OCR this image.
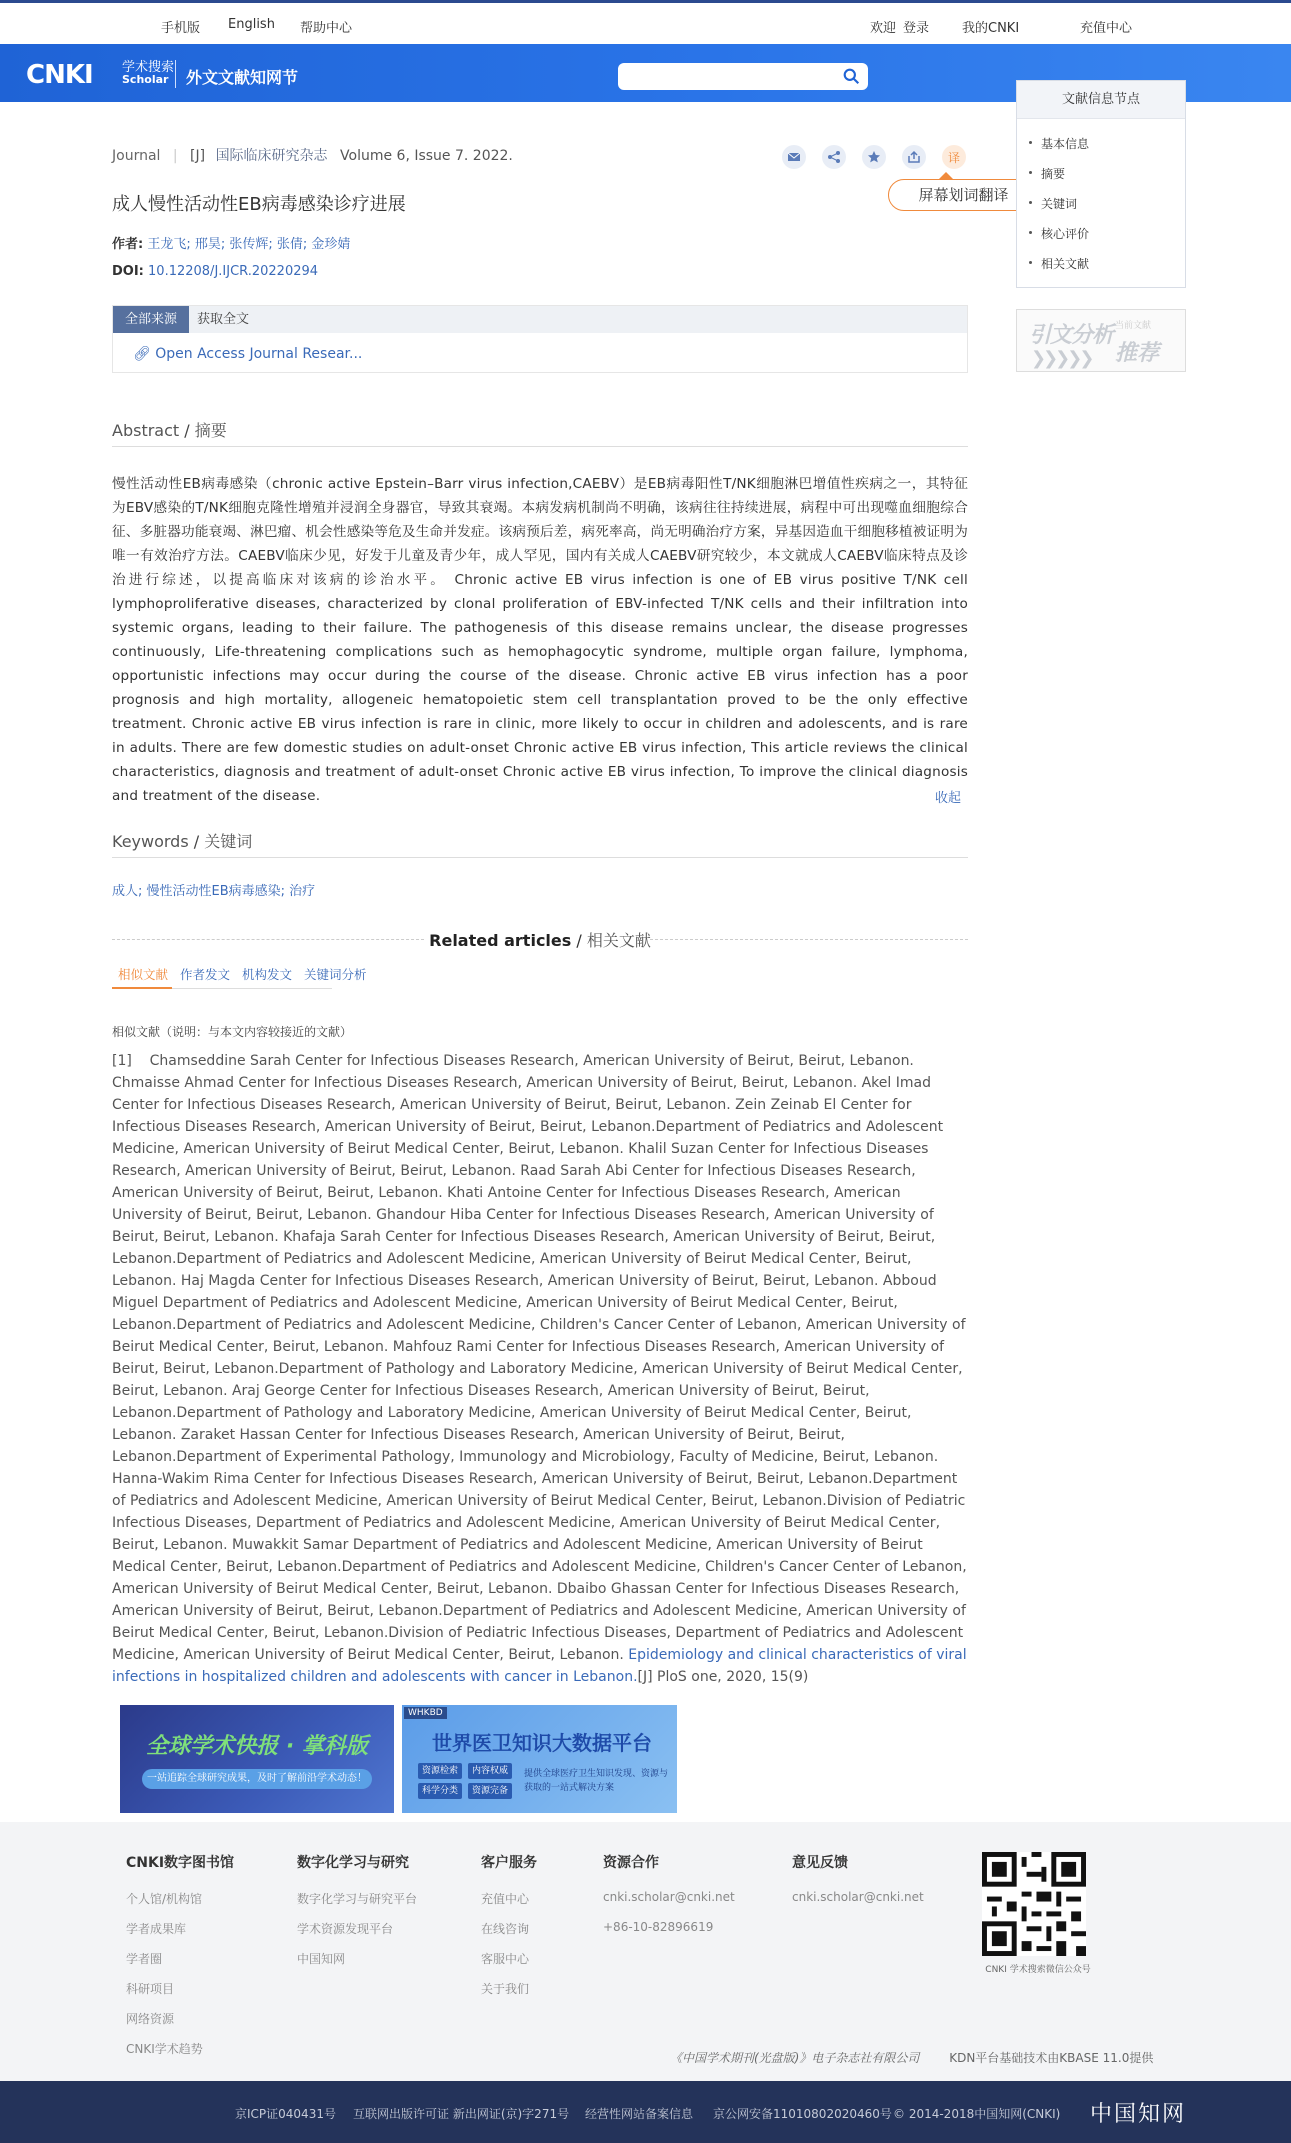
手机版 English 帮助中心	欢迎 登录	我的CNKI	充值中心
CNKI 学术搜索
Scholar	外文文献知网节
Journal | [J] 国际临床研究杂志 Volume 6, Issue 7. 2022.	译
屏幕划词翻译
成人慢性活动性EB病毒感染诊疗进展
作者: 王龙飞; 邢昊; 张传辉; 张倩; 金珍婧
DOI: 10.12208/J.IJCR.20220294
全部来源	获取全文
🔗︎ Open Access Journal Resear...
Abstract / 摘要
慢性活动性EB病毒感染（chronic active Epstein–Barr virus infection,CAEBV）是EB病毒阳性T/NK细胞淋巴增值性疾病之一，其特征为EBV感染的T/NK细胞克隆性增殖并浸润全身器官，导致其衰竭。本病发病机制尚不明确，该病往往持续进展，病程中可出现噬血细胞综合征、多脏器功能衰竭、淋巴瘤、机会性感染等危及生命并发症。该病预后差，病死率高，尚无明确治疗方案，异基因造血干细胞移植被证明为唯一有效治疗方法。CAEBV临床少见，好发于儿童及青少年，成人罕见，国内有关成人CAEBV研究较少，本文就成人CAEBV临床特点及诊治进行综述，以提高临床对该病的诊治水平。 Chronic active EB virus infection is one of EB virus positive T/NK cell lymphoproliferative diseases, characterized by clonal proliferation of EBV-infected T/NK cells and their infiltration into systemic organs, leading to their failure. The pathogenesis of this disease remains unclear, the disease progresses continuously, Life-threatening complications such as hemophagocytic syndrome, multiple organ failure, lymphoma, opportunistic infections may occur during the course of the disease. Chronic active EB virus infection has a poor prognosis and high mortality, allogeneic hematopoietic stem cell transplantation proved to be the only effective treatment. Chronic active EB virus infection is rare in clinic, more likely to occur in children and adolescents, and is rare in adults. There are few domestic studies on adult-onset Chronic active EB virus infection, This article reviews the clinical characteristics, diagnosis and treatment of adult-onset Chronic active EB virus infection, To improve the clinical diagnosis and treatment of the disease.	收起
Keywords / 关键词
成人; 慢性活动性EB病毒感染; 治疗
Related articles / 相关文献
相似文献 作者发文 机构发文 关键词分析
相似文献（说明：与本文内容较接近的文献）
[1] Chamseddine Sarah Center for Infectious Diseases Research, American University of Beirut, Beirut, Lebanon. Chmaisse Ahmad Center for Infectious Diseases Research, American University of Beirut, Beirut, Lebanon. Akel Imad Center for Infectious Diseases Research, American University of Beirut, Beirut, Lebanon. Zein Zeinab El Center for Infectious Diseases Research, American University of Beirut, Beirut, Lebanon.Department of Pediatrics and Adolescent Medicine, American University of Beirut Medical Center, Beirut, Lebanon. Khalil Suzan Center for Infectious Diseases Research, American University of Beirut, Beirut, Lebanon. Raad Sarah Abi Center for Infectious Diseases Research, American University of Beirut, Beirut, Lebanon. Khati Antoine Center for Infectious Diseases Research, American University of Beirut, Beirut, Lebanon. Ghandour Hiba Center for Infectious Diseases Research, American University of Beirut, Beirut, Lebanon. Khafaja Sarah Center for Infectious Diseases Research, American University of Beirut, Beirut, Lebanon.Department of Pediatrics and Adolescent Medicine, American University of Beirut Medical Center, Beirut, Lebanon. Haj Magda Center for Infectious Diseases Research, American University of Beirut, Beirut, Lebanon. Abboud Miguel Department of Pediatrics and Adolescent Medicine, American University of Beirut Medical Center, Beirut, Lebanon.Department of Pediatrics and Adolescent Medicine, Children's Cancer Center of Lebanon, American University of Beirut Medical Center, Beirut, Lebanon. Mahfouz Rami Center for Infectious Diseases Research, American University of Beirut, Beirut, Lebanon.Department of Pathology and Laboratory Medicine, American University of Beirut Medical Center, Beirut, Lebanon. Araj George Center for Infectious Diseases Research, American University of Beirut, Beirut, Lebanon.Department of Pathology and Laboratory Medicine, American University of Beirut Medical Center, Beirut, Lebanon. Zaraket Hassan Center for Infectious Diseases Research, American University of Beirut, Beirut, Lebanon.Department of Experimental Pathology, Immunology and Microbiology, Faculty of Medicine, Beirut, Lebanon. Hanna-Wakim Rima Center for Infectious Diseases Research, American University of Beirut, Beirut, Lebanon.Department of Pediatrics and Adolescent Medicine, American University of Beirut Medical Center, Beirut, Lebanon.Division of Pediatric Infectious Diseases, Department of Pediatrics and Adolescent Medicine, American University of Beirut Medical Center, Beirut, Lebanon. Muwakkit Samar Department of Pediatrics and Adolescent Medicine, American University of Beirut Medical Center, Beirut, Lebanon.Department of Pediatrics and Adolescent Medicine, Children's Cancer Center of Lebanon, American University of Beirut Medical Center, Beirut, Lebanon. Dbaibo Ghassan Center for Infectious Diseases Research, American University of Beirut, Beirut, Lebanon.Department of Pediatrics and Adolescent Medicine, American University of Beirut Medical Center, Beirut, Lebanon.Division of Pediatric Infectious Diseases, Department of Pediatrics and Adolescent Medicine, American University of Beirut Medical Center, Beirut, Lebanon. Epidemiology and clinical characteristics of viral infections in hospitalized children and adolescents with cancer in Lebanon.[J] PloS one, 2020, 15(9)
文献信息节点
基本信息
摘要
关键词
核心评价
相关文献
引文分析 当前文献
推荐
❯❯❯❯❯
全球学术快报 · 掌科版
一站追踪全球研究成果，及时了解前沿学术动态！
WHKBD
世界医卫知识大数据平台
资源检索	内容权威
科学分类	资源完备
提供全球医疗卫生知识发现、资源与获取的一站式解决方案
CNKI数字图书馆
个人馆/机构馆
学者成果库
学者圈
科研项目
网络资源
CNKI学术趋势
数字化学习与研究
数字化学习与研究平台
学术资源发现平台
中国知网
客户服务
充值中心
在线咨询
客服中心
关于我们
资源合作
cnki.scholar@cnki.net
+86-10-82896619
意见反馈
cnki.scholar@cnki.net
CNKI 学术搜索微信公众号
《中国学术期刊(光盘版)》电子杂志社有限公司 KDN平台基础技术由KBASE 11.0提供
京ICP证040431号 互联网出版许可证 新出网证(京)字271号 经营性网站备案信息 京公网安备11010802020460号 © 2014-2018中国知网(CNKI) 中国知网
